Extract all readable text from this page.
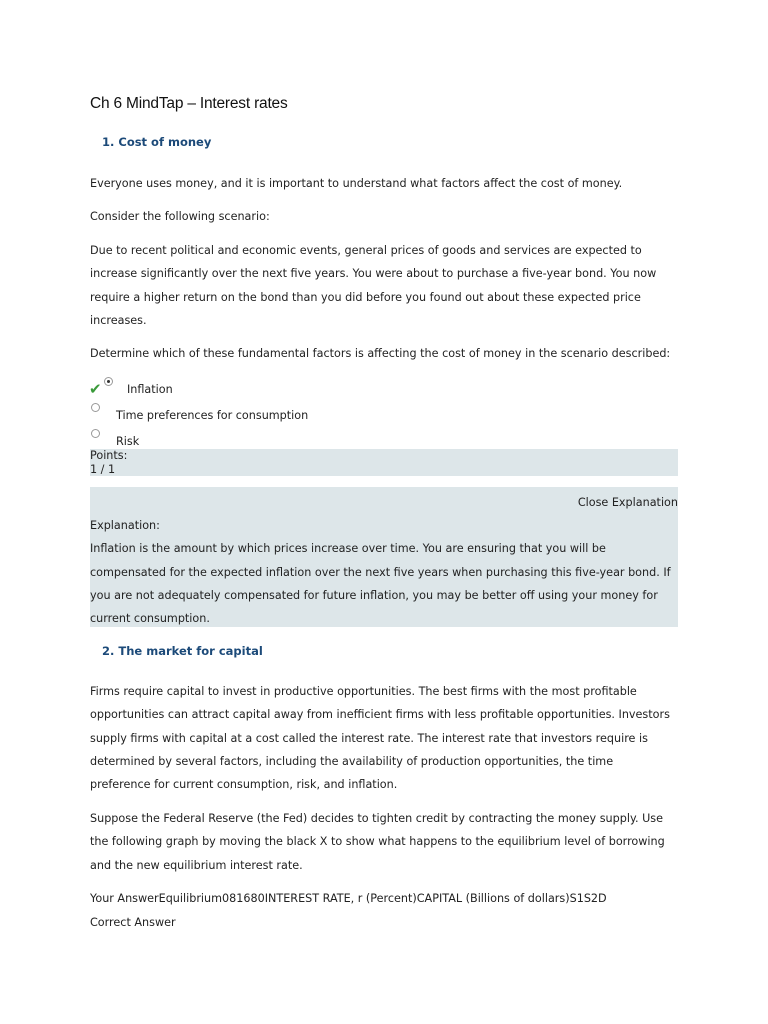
Ch 6 MindTap – Interest rates
1. Cost of money
Everyone uses money, and it is important to understand what factors affect the cost of money.
Consider the following scenario:
Due to recent political and economic events, general prices of goods and services are expected to
increase significantly over the next five years. You were about to purchase a five-year bond. You now
require a higher return on the bond than you did before you found out about these expected price
increases.
Determine which of these fundamental factors is affecting the cost of money in the scenario described:
✔ Inflation
Time preferences for consumption
Risk
Points:
1 / 1
Close Explanation
Explanation:
Inflation is the amount by which prices increase over time. You are ensuring that you will be
compensated for the expected inflation over the next five years when purchasing this five-year bond. If
you are not adequately compensated for future inflation, you may be better off using your money for
current consumption.
2. The market for capital
Firms require capital to invest in productive opportunities. The best firms with the most profitable
opportunities can attract capital away from inefficient firms with less profitable opportunities. Investors
supply firms with capital at a cost called the interest rate. The interest rate that investors require is
determined by several factors, including the availability of production opportunities, the time
preference for current consumption, risk, and inflation.
Suppose the Federal Reserve (the Fed) decides to tighten credit by contracting the money supply. Use
the following graph by moving the black X to show what happens to the equilibrium level of borrowing
and the new equilibrium interest rate.
Your AnswerEquilibrium081680INTEREST RATE, r (Percent)CAPITAL (Billions of dollars)S1S2D
Correct Answer
